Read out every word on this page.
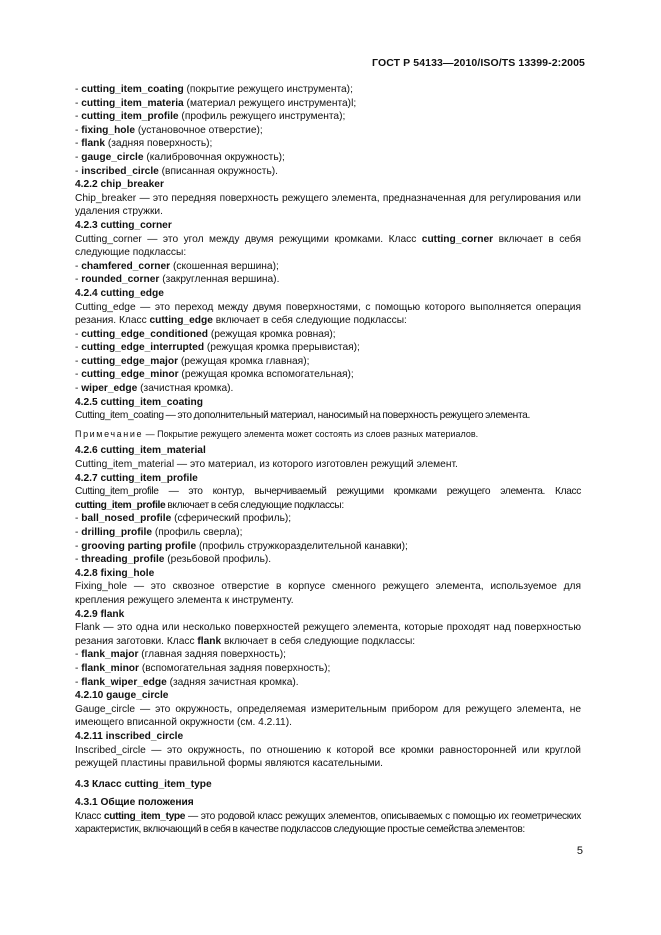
ГОСТ Р 54133—2010/ISO/TS 13399-2:2005
- cutting_item_coating (покрытие режущего инструмента);
- cutting_item_materia (материал режущего инструмента)l;
- cutting_item_profile (профиль режущего инструмента);
- fixing_hole (установочное отверстие);
- flank (задняя поверхность);
- gauge_circle (калибровочная окружность);
- inscribed_circle (вписанная окружность).
4.2.2 chip_breaker
Chip_breaker — это передняя поверхность режущего элемента, предназначенная для регулирования или удаления стружки.
4.2.3 cutting_corner
Cutting_corner — это угол между двумя режущими кромками. Класс cutting_corner включает в себя следующие подклассы:
- chamfered_corner (скошенная вершина);
- rounded_corner (закругленная вершина).
4.2.4 cutting_edge
Cutting_edge — это переход между двумя поверхностями, с помощью которого выполняется операция резания. Класс cutting_edge включает в себя следующие подклассы:
- cutting_edge_conditioned (режущая кромка ровная);
- cutting_edge_interrupted (режущая кромка прерывистая);
- cutting_edge_major (режущая кромка главная);
- cutting_edge_minor (режущая кромка вспомогательная);
- wiper_edge (зачистная кромка).
4.2.5 cutting_item_coating
Cutting_item_coating — это дополнительный материал, наносимый на поверхность режущего элемента.
Примечание — Покрытие режущего элемента может состоять из слоев разных материалов.
4.2.6 cutting_item_material
Cutting_item_material — это материал, из которого изготовлен режущий элемент.
4.2.7 cutting_item_profile
Cutting_item_profile — это контур, вычерчиваемый режущими кромками режущего элемента. Класс cutting_item_profile включает в себя следующие подклассы:
- ball_nosed_profile (сферический профиль);
- drilling_profile (профиль сверла);
- grooving parting profile (профиль стружкоразделительной канавки);
- threading_profile (резьбовой профиль).
4.2.8 fixing_hole
Fixing_hole — это сквозное отверстие в корпусе сменного режущего элемента, используемое для крепления режущего элемента к инструменту.
4.2.9 flank
Flank — это одна или несколько поверхностей режущего элемента, которые проходят над поверхностью резания заготовки. Класс flank включает в себя следующие подклассы:
- flank_major (главная задняя поверхность);
- flank_minor (вспомогательная задняя поверхность);
- flank_wiper_edge (задняя зачистная кромка).
4.2.10 gauge_circle
Gauge_circle — это окружность, определяемая измерительным прибором для режущего элемента, не имеющего вписанной окружности (см. 4.2.11).
4.2.11 inscribed_circle
Inscribed_circle — это окружность, по отношению к которой все кромки равносторонней или круглой режущей пластины правильной формы являются касательными.
4.3 Класс cutting_item_type
4.3.1 Общие положения
Класс cutting_item_type — это родовой класс режущих элементов, описываемых с помощью их геометрических характеристик, включающий в себя в качестве подклассов следующие простые семейства элементов:
5
